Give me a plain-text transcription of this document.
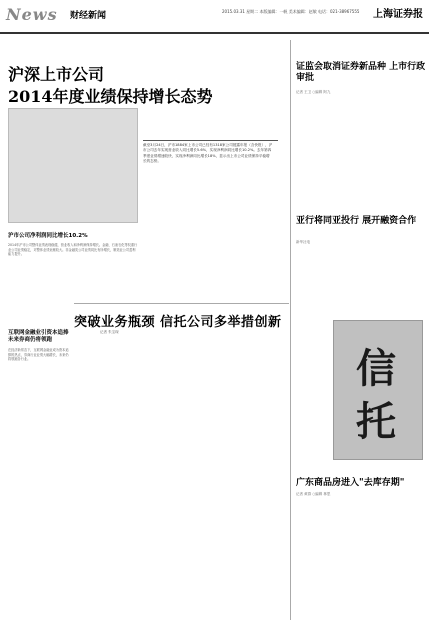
News 财经新闻	2015.03.31 星期二 本版编辑：一帆 美术编辑：赵敏 电话：021-38967555 上海证券报
沪深上市公司
2014年度业绩保持增长态势
截至3月24日，沪市1884家上市公司已经有1318家公司披露年报（含快报），沪市公司去年实现营业收入同比增长5.6%，实现净利润同比增长10.2%。去年第四季度业绩增速较快，实现净利润同比增长18%，显示出上市公司业绩保持平稳增长的态势。
沪市公司净利润同比增长10.2%
2014年沪市公司整体业绩表现稳健，营业收入和净利润保持增长。金融、石油石化等权重行业公司业绩稳定，对整体业绩贡献较大。非金融类公司业绩同比有所增长，制造业公司盈利能力提升。
互联网金融业引资本追捧 未来券商仍将领跑
在经济新常态下，互联网金融业成为资本追捧的热点，券商行业业绩大幅增长，未来仍将领跑各行业。
突破业务瓶颈 信托公司多举措创新
记者 朱宝琛
信
托
证监会取消证券新品种 上市行政审批
记者 王卫 ○编辑 阿九
亚行将同亚投行 展开融资合作
新华社电
广东商品房进入"去库存期"
记者 黄群 ○编辑 林思
